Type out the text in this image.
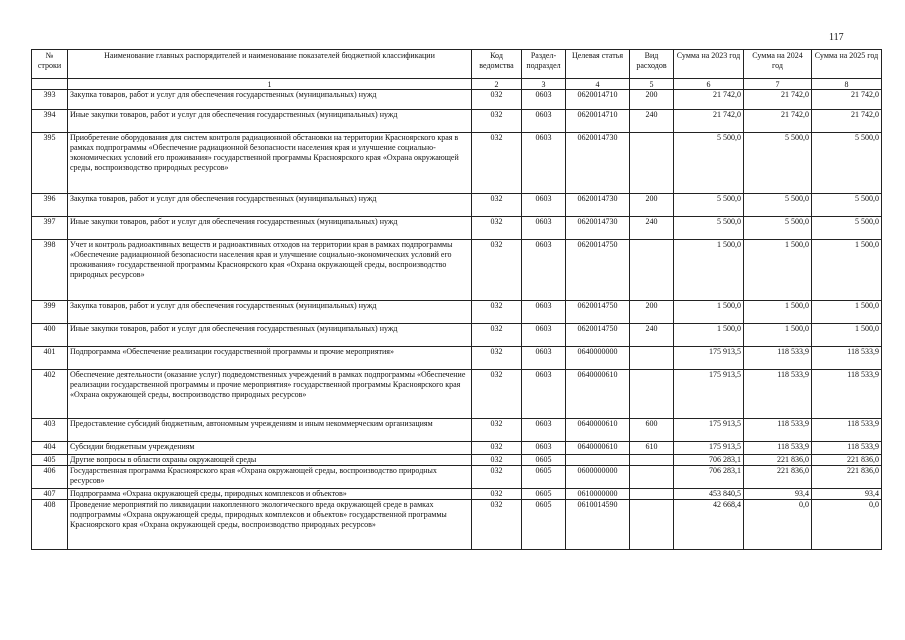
117
№ строки	Наименование главных распорядителей и наименование показателей бюджетной классификации	Код ведомства	Раздел-подраздел	Целевая статья	Вид расходов	Сумма на 2023 год	Сумма на 2024 год	Сумма на 2025 год
	1	2	3	4	5	6	7	8
393	Закупка товаров, работ и услуг для обеспечения государственных (муниципальных) нужд	032	0603	0620014710	200	21 742,0	21 742,0	21 742,0
394	Иные закупки товаров, работ и услуг для обеспечения государственных (муниципальных) нужд	032	0603	0620014710	240	21 742,0	21 742,0	21 742,0
395	Приобретение оборудования для систем контроля радиационной обстановки на территории Красноярского края в рамках подпрограммы «Обеспечение радиационной безопасности населения края и улучшение социально-экономических условий его проживания» государственной программы Красноярского края «Охрана окружающей среды, воспроизводство природных ресурсов»	032	0603	0620014730		5 500,0	5 500,0	5 500,0
396	Закупка товаров, работ и услуг для обеспечения государственных (муниципальных) нужд	032	0603	0620014730	200	5 500,0	5 500,0	5 500,0
397	Иные закупки товаров, работ и услуг для обеспечения государственных (муниципальных) нужд	032	0603	0620014730	240	5 500,0	5 500,0	5 500,0
398	Учет и контроль радиоактивных веществ и радиоактивных отходов на территории края в рамках подпрограммы «Обеспечение радиационной безопасности населения края и улучшение социально-экономических условий его проживания» государственной программы Красноярского края «Охрана окружающей среды, воспроизводство природных ресурсов»	032	0603	0620014750		1 500,0	1 500,0	1 500,0
399	Закупка товаров, работ и услуг для обеспечения государственных (муниципальных) нужд	032	0603	0620014750	200	1 500,0	1 500,0	1 500,0
400	Иные закупки товаров, работ и услуг для обеспечения государственных (муниципальных) нужд	032	0603	0620014750	240	1 500,0	1 500,0	1 500,0
401	Подпрограмма «Обеспечение реализации государственной программы и прочие мероприятия»	032	0603	0640000000		175 913,5	118 533,9	118 533,9
402	Обеспечение деятельности (оказание услуг) подведомственных учреждений в рамках подпрограммы «Обеспечение реализации государственной программы и прочие мероприятия» государственной программы Красноярского края «Охрана окружающей среды, воспроизводство природных ресурсов»	032	0603	0640000610		175 913,5	118 533,9	118 533,9
403	Предоставление субсидий бюджетным, автономным учреждениям и иным некоммерческим организациям	032	0603	0640000610	600	175 913,5	118 533,9	118 533,9
404	Субсидии бюджетным учреждениям	032	0603	0640000610	610	175 913,5	118 533,9	118 533,9
405	Другие вопросы в области охраны окружающей среды	032	0605			706 283,1	221 836,0	221 836,0
406	Государственная программа Красноярского края «Охрана окружающей среды, воспроизводство природных ресурсов»	032	0605	0600000000		706 283,1	221 836,0	221 836,0
407	Подпрограмма «Охрана окружающей среды, природных комплексов и объектов»	032	0605	0610000000		453 840,5	93,4	93,4
408	Проведение мероприятий по ликвидации накопленного экологического вреда окружающей среде в рамках подпрограммы «Охрана окружающей среды, природных комплексов и объектов» государственной программы Красноярского края «Охрана окружающей среды, воспроизводство природных ресурсов»	032	0605	0610014590		42 668,4	0,0	0,0
